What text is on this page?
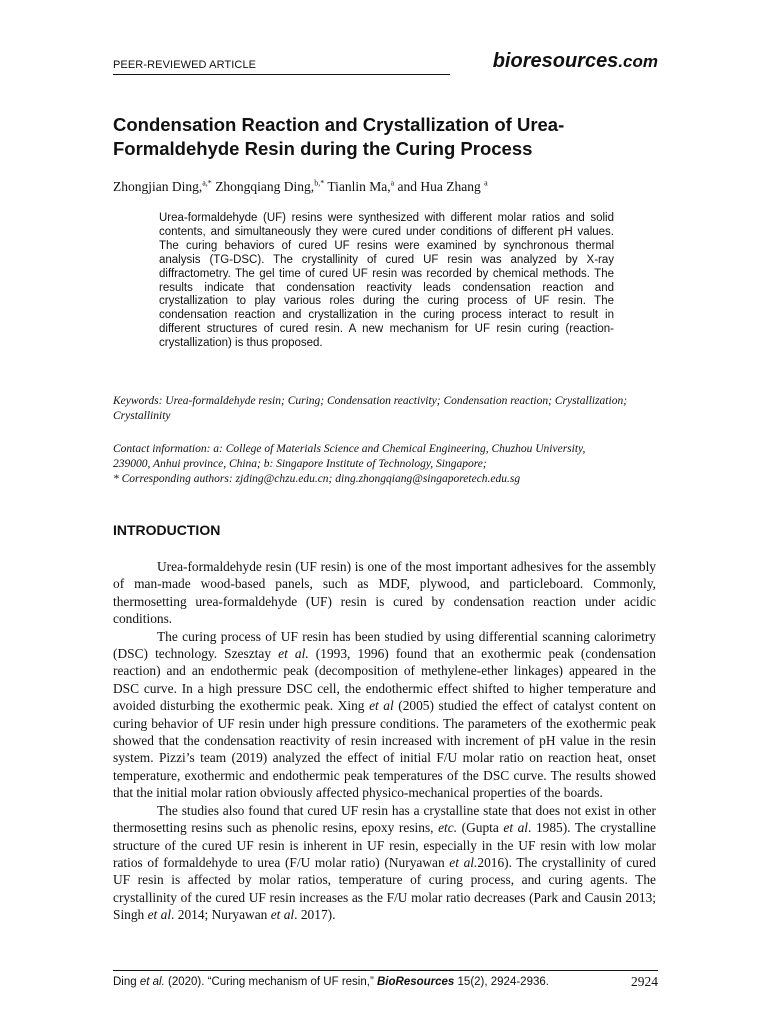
PEER-REVIEWED ARTICLE	bioresources.com
Condensation Reaction and Crystallization of Urea-Formaldehyde Resin during the Curing Process
Zhongjian Ding,$^{a,*}$ Zhongqiang Ding,$^{b,*}$ Tianlin Ma,$^a$ and Hua Zhang $^a$

Urea-formaldehyde (UF) resins were synthesized with different molar ratios and solid contents, and simultaneously they were cured under conditions of different pH values. The curing behaviors of cured UF resins were examined by synchronous thermal analysis (TG-DSC). The crystallinity of cured UF resin was analyzed by X-ray diffractometry. The gel time of cured UF resin was recorded by chemical methods. The results indicate that condensation reactivity leads condensation reaction and crystallization to play various roles during the curing process of UF resin. The condensation reaction and crystallization in the curing process interact to result in different structures of cured resin. A new mechanism for UF resin curing (reaction-crystallization) is thus proposed.

Keywords: Urea-formaldehyde resin; Curing; Condensation reactivity; Condensation reaction; Crystallization; Crystallinity

Contact information: a: College of Materials Science and Chemical Engineering, Chuzhou University,
239000, Anhui province, China; b: Singapore Institute of Technology, Singapore;
* Corresponding authors: zjding@chzu.edu.cn; ding.zhongqiang@singaporetech.edu.sg

INTRODUCTION

Urea-formaldehyde resin (UF resin) is one of the most important adhesives for the assembly of man-made wood-based panels, such as MDF, plywood, and particleboard. Commonly, thermosetting urea-formaldehyde (UF) resin is cured by condensation reaction under acidic conditions.

The curing process of UF resin has been studied by using differential scanning calorimetry (DSC) technology. Szesztay et al. (1993, 1996) found that an exothermic peak (condensation reaction) and an endothermic peak (decomposition of methylene-ether linkages) appeared in the DSC curve. In a high pressure DSC cell, the endothermic effect shifted to higher temperature and avoided disturbing the exothermic peak. Xing et al (2005) studied the effect of catalyst content on curing behavior of UF resin under high pressure conditions. The parameters of the exothermic peak showed that the condensation reactivity of resin increased with increment of pH value in the resin system. Pizzi’s team (2019) analyzed the effect of initial F/U molar ratio on reaction heat, onset temperature, exothermic and endothermic peak temperatures of the DSC curve. The results showed that the initial molar ration obviously affected physico-mechanical properties of the boards.

The studies also found that cured UF resin has a crystalline state that does not exist in other thermosetting resins such as phenolic resins, epoxy resins, etc. (Gupta et al. 1985). The crystalline structure of the cured UF resin is inherent in UF resin, especially in the UF resin with low molar ratios of formaldehyde to urea (F/U molar ratio) (Nuryawan et al.2016). The crystallinity of cured UF resin is affected by molar ratios, temperature of curing process, and curing agents. The crystallinity of the cured UF resin increases as the F/U molar ratio decreases (Park and Causin 2013; Singh et al. 2014; Nuryawan et al. 2017).

Ding et al. (2020). “Curing mechanism of UF resin,” BioResources 15(2), 2924-2936.	2924
